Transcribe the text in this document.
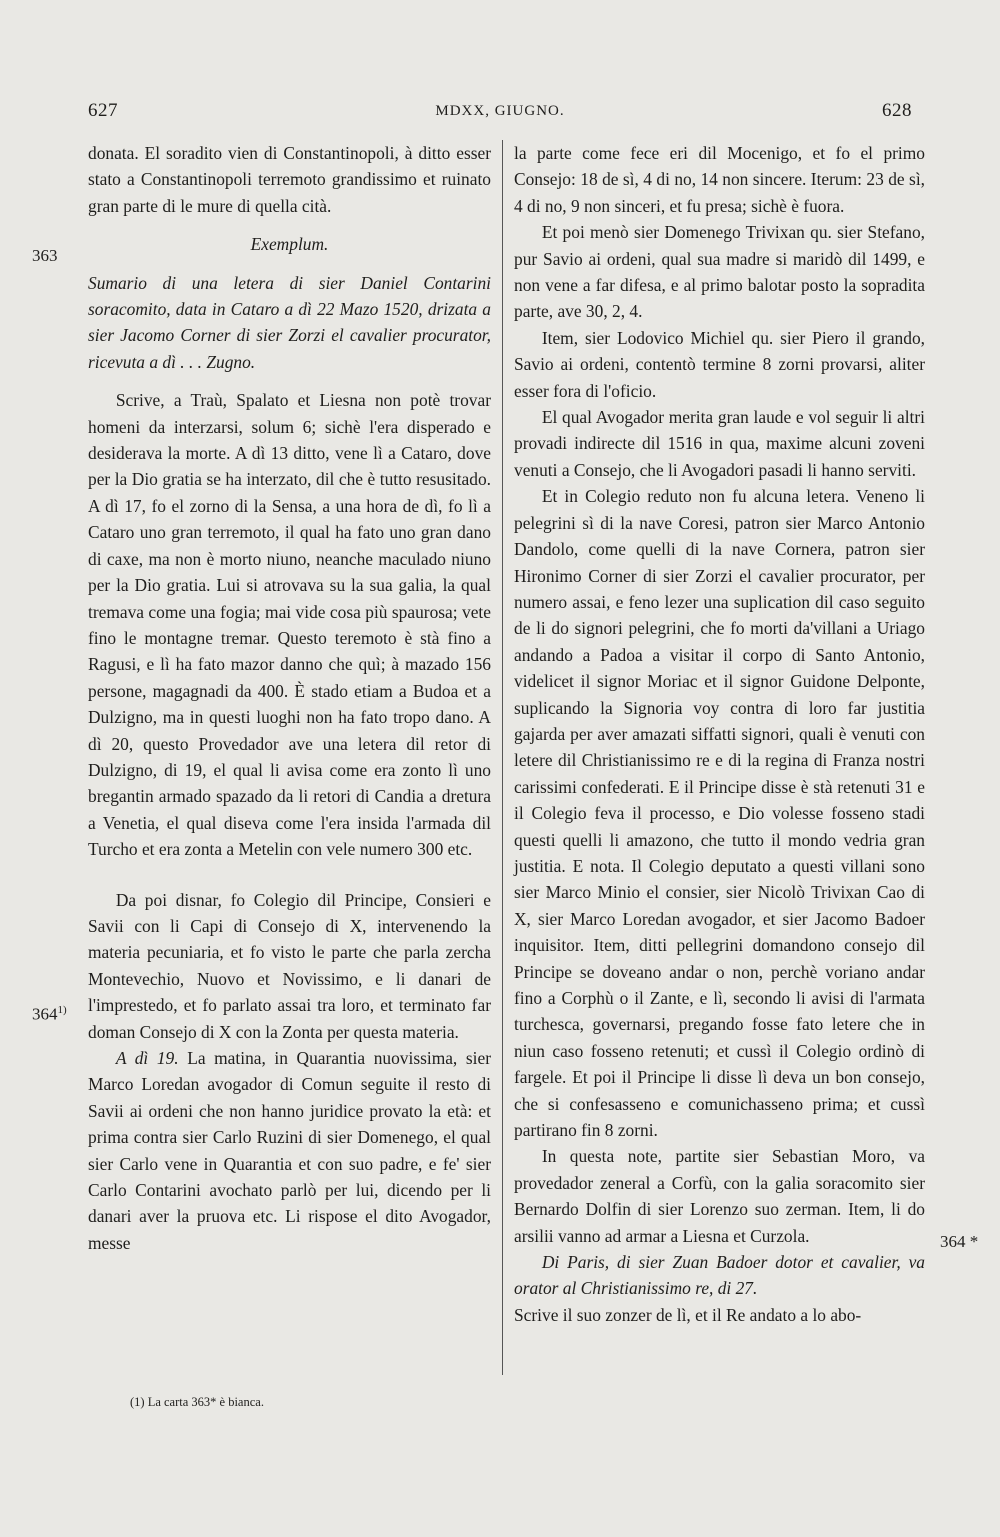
627	MDXX, GIUGNO.	628
363
364$^{1)}$
364 *

donata. El soradito vien di Constantinopoli, à ditto esser stato a Constantinopoli terremoto grandissimo et ruinato gran parte di le mure di quella cità.

Exemplum.

Sumario di una letera di sier Daniel Contarini soracomito, data in Cataro a dì 22 Mazo 1520, drizata a sier Jacomo Corner di sier Zorzi el cavalier procurator, ricevuta a dì . . . Zugno.

Scrive, a Traù, Spalato et Liesna non potè trovar homeni da interzarsi, solum 6; sichè l'era disperado e desiderava la morte. A dì 13 ditto, vene lì a Cataro, dove per la Dio gratia se ha interzato, dil che è tutto resusitado. A dì 17, fo el zorno di la Sensa, a una hora de dì, fo lì a Cataro uno gran terremoto, il qual ha fato uno gran dano di caxe, ma non è morto niuno, neanche maculado niuno per la Dio gratia. Lui si atrovava su la sua galia, la qual tremava come una fogia; mai vide cosa più spaurosa; vete fino le montagne tremar. Questo teremoto è stà fino a Ragusi, e lì ha fato mazor danno che quì; à mazado 156 persone, magagnadi da 400. È stado etiam a Budoa et a Dulzigno, ma in questi luoghi non ha fato tropo dano. A dì 20, questo Provedador ave una letera dil retor di Dulzigno, di 19, el qual li avisa come era zonto lì uno bregantin armado spazado da li retori di Candia a dretura a Venetia, el qual diseva come l'era insida l'armada dil Turcho et era zonta a Metelin con vele numero 300 etc.

Da poi disnar, fo Colegio dil Principe, Consieri e Savii con li Capi di Consejo di X, intervenendo la materia pecuniaria, et fo visto le parte che parla zercha Montevechio, Nuovo et Novissimo, e li danari de l'imprestedo, et fo parlato assai tra loro, et terminato far doman Consejo di X con la Zonta per questa materia.

A dì 19. La matina, in Quarantia nuovissima, sier Marco Loredan avogador di Comun seguite il resto di Savii ai ordeni che non hanno juridice provato la età: et prima contra sier Carlo Ruzini di sier Domenego, el qual sier Carlo vene in Quarantia et con suo padre, e fe' sier Carlo Contarini avochato parlò per lui, dicendo per li danari aver la pruova etc. Li rispose el dito Avogador, messe

la parte come fece eri dil Mocenigo, et fo el primo Consejo: 18 de sì, 4 di no, 14 non sincere. Iterum: 23 de sì, 4 di no, 9 non sinceri, et fu presa; sichè è fuora.

Et poi menò sier Domenego Trivixan qu. sier Stefano, pur Savio ai ordeni, qual sua madre si maridò dil 1499, e non vene a far difesa, e al primo balotar posto la sopradita parte, ave 30, 2, 4.

Item, sier Lodovico Michiel qu. sier Piero il grando, Savio ai ordeni, contentò termine 8 zorni provarsi, aliter esser fora di l'oficio.

El qual Avogador merita gran laude e vol seguir li altri provadi indirecte dil 1516 in qua, maxime alcuni zoveni venuti a Consejo, che li Avogadori pasadi li hanno serviti.

Et in Colegio reduto non fu alcuna letera. Veneno li pelegrini sì di la nave Coresi, patron sier Marco Antonio Dandolo, come quelli di la nave Cornera, patron sier Hironimo Corner di sier Zorzi el cavalier procurator, per numero assai, e feno lezer una suplication dil caso seguito de li do signori pelegrini, che fo morti da'villani a Uriago andando a Padoa a visitar il corpo di Santo Antonio, videlicet il signor Moriac et il signor Guidone Delponte, suplicando la Signoria voy contra di loro far justitia gajarda per aver amazati siffatti signori, quali è venuti con letere dil Christianissimo re e di la regina di Franza nostri carissimi confederati. E il Principe disse è stà retenuti 31 e il Colegio feva il processo, e Dio volesse fosseno stadi questi quelli li amazono, che tutto il mondo vedria gran justitia. E nota. Il Colegio deputato a questi villani sono sier Marco Minio el consier, sier Nicolò Trivixan Cao di X, sier Marco Loredan avogador, et sier Jacomo Badoer inquisitor. Item, ditti pellegrini domandono consejo dil Principe se doveano andar o non, perchè voriano andar fino a Corphù o il Zante, e lì, secondo li avisi di l'armata turchesca, governarsi, pregando fosse fato letere che in niun caso fosseno retenuti; et cussì il Colegio ordinò di fargele. Et poi il Principe li disse lì deva un bon consejo, che si confesasseno e comunichasseno prima; et cussì partirano fin 8 zorni.

In questa note, partite sier Sebastian Moro, va provedador zeneral a Corfù, con la galia soracomito sier Bernardo Dolfin di sier Lorenzo suo zerman. Item, li do arsilii vanno ad armar a Liesna et Curzola.

Di Paris, di sier Zuan Badoer dotor et cavalier, va orator al Christianissimo re, di 27.

Scrive il suo zonzer de lì, et il Re andato a lo abo-

(1) La carta 363* è bianca.
